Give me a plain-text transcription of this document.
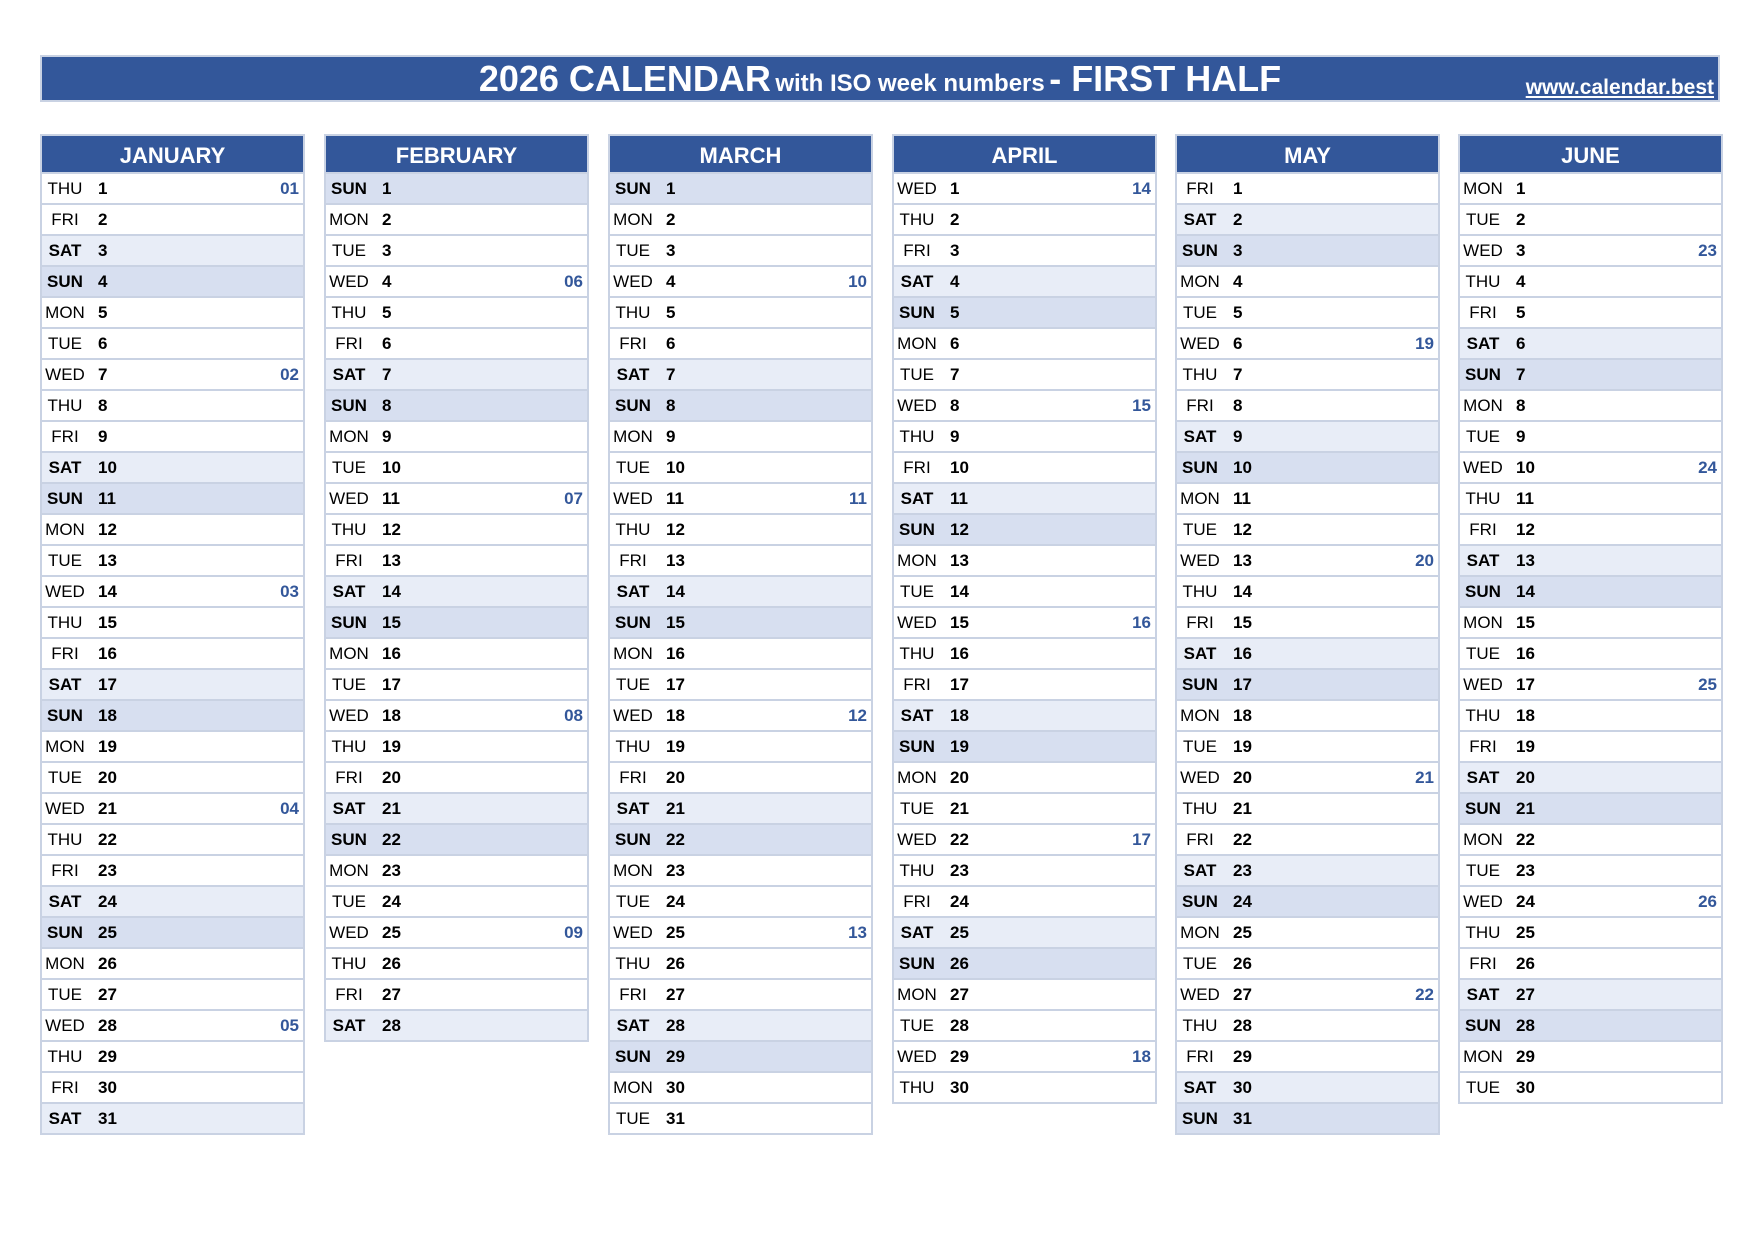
2026 CALENDAR with ISO week numbers - FIRST HALF	www.calendar.best
JANUARY
THU 1	01
FRI	2
SAT 3
SUN 4
MON 5
TUE 6
WED 7	02
THU 8
FRI	9
SAT 10
SUN 11
MON 12
TUE 13
WED 14	03
THU 15
FRI	16
SAT 17
SUN 18
MON 19
TUE 20
WED 21	04
THU 22
FRI	23
SAT 24
SUN 25
MON 26
TUE 27
WED 28	05
THU 29
FRI	30
SAT 31
FEBRUARY
SUN 1
MON 2
TUE 3
WED 4	06
THU 5
FRI	6
SAT 7
SUN 8
MON 9
TUE 10
WED 11	07
THU 12
FRI	13
SAT 14
SUN 15
MON 16
TUE 17
WED 18	08
THU 19
FRI	20
SAT 21
SUN 22
MON 23
TUE 24
WED 25	09
THU 26
FRI	27
SAT 28
MARCH
SUN 1
MON 2
TUE 3
WED 4	10
THU 5
FRI	6
SAT 7
SUN 8
MON 9
TUE 10
WED 11	11
THU 12
FRI	13
SAT 14
SUN 15
MON 16
TUE 17
WED 18	12
THU 19
FRI	20
SAT 21
SUN 22
MON 23
TUE 24
WED 25	13
THU 26
FRI	27
SAT 28
SUN 29
MON 30
TUE 31
APRIL
WED 1	14
THU 2
FRI	3
SAT 4
SUN 5
MON 6
TUE 7
WED 8	15
THU 9
FRI	10
SAT 11
SUN 12
MON 13
TUE 14
WED 15	16
THU 16
FRI	17
SAT 18
SUN 19
MON 20
TUE 21
WED 22	17
THU 23
FRI	24
SAT 25
SUN 26
MON 27
TUE 28
WED 29	18
THU 30
MAY
FRI	1
SAT 2
SUN 3
MON 4
TUE 5
WED 6	19
THU 7
FRI	8
SAT 9
SUN 10
MON 11
TUE 12
WED 13	20
THU 14
FRI	15
SAT 16
SUN 17
MON 18
TUE 19
WED 20	21
THU 21
FRI	22
SAT 23
SUN 24
MON 25
TUE 26
WED 27	22
THU 28
FRI	29
SAT 30
SUN 31
JUNE
MON 1
TUE 2
WED 3	23
THU 4
FRI	5
SAT 6
SUN 7
MON 8
TUE 9
WED 10	24
THU 11
FRI	12
SAT 13
SUN 14
MON 15
TUE 16
WED 17	25
THU 18
FRI	19
SAT 20
SUN 21
MON 22
TUE 23
WED 24	26
THU 25
FRI	26
SAT 27
SUN 28
MON 29
TUE 30
